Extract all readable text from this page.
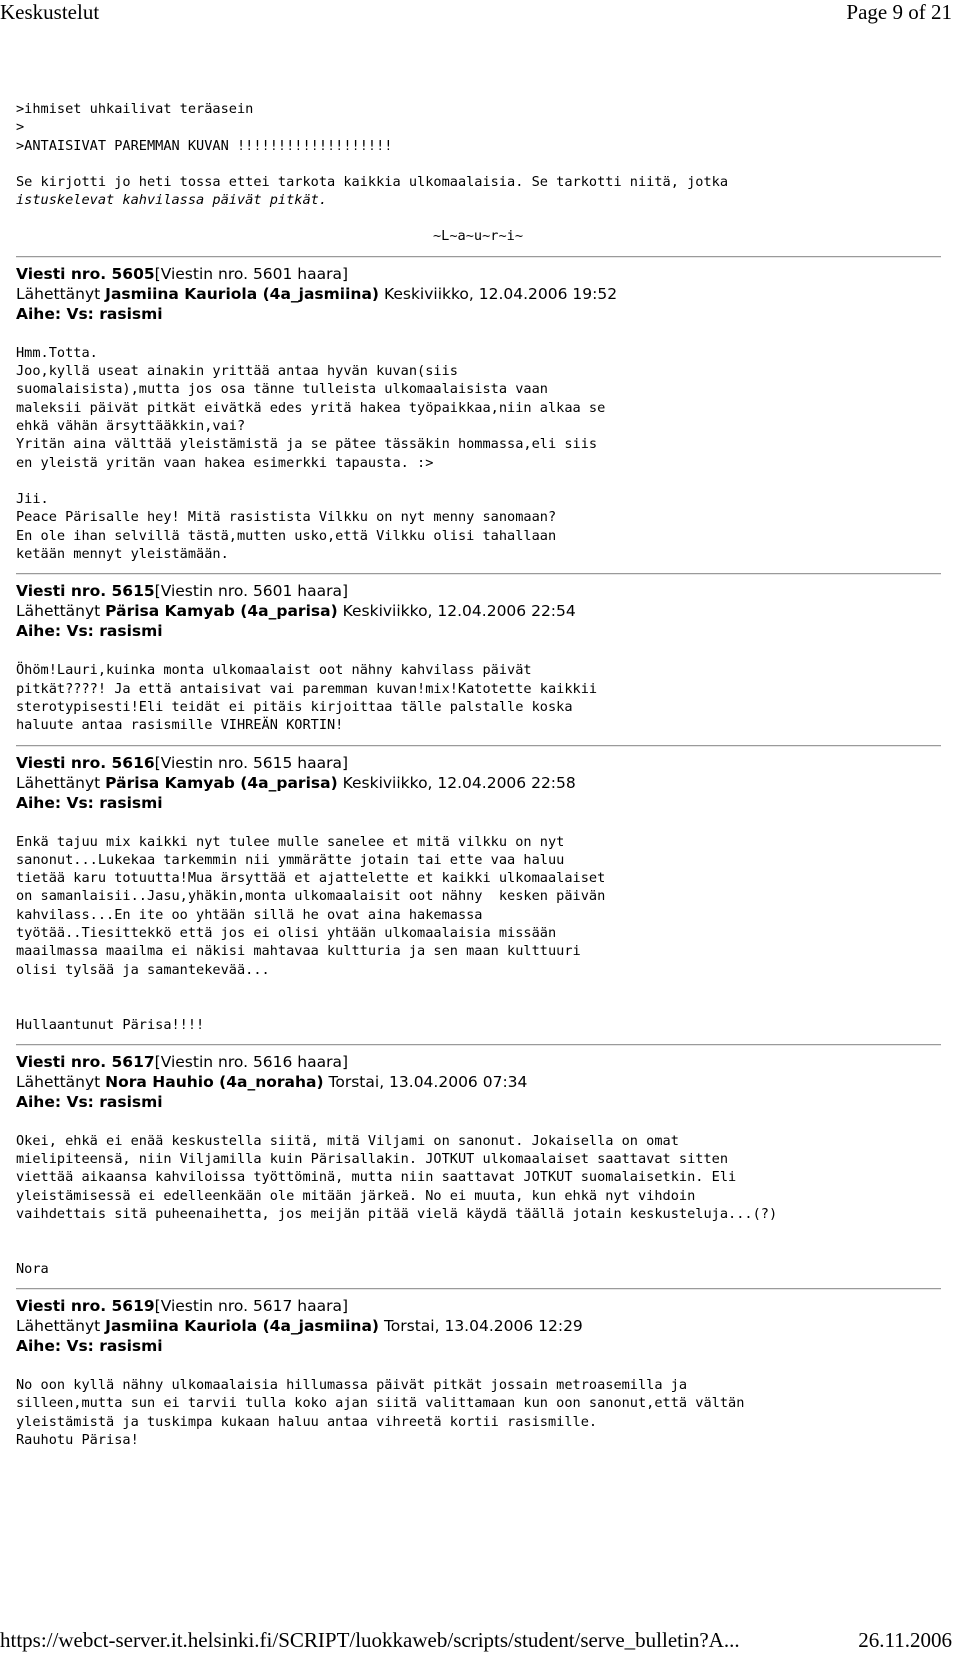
Keskustelut	Page 9 of 21
>ihmiset uhkailivat teräasein
>
>ANTAISIVAT PAREMMAN KUVAN !!!!!!!!!!!!!!!!!!!
Se kirjotti jo heti tossa ettei tarkota kaikkia ulkomaalaisia. Se tarkotti niitä, jotka
istuskelevat kahvilassa päivät pitkät.
~L~a~u~r~i~
Viesti nro. 5605[Viestin nro. 5601 haara]
Lähettänyt Jasmiina Kauriola (4a_jasmiina) Keskiviikko, 12.04.2006 19:52
Aihe: Vs: rasismi
Hmm.Totta.
Joo,kyllä useat ainakin yrittää antaa hyvän kuvan(siis
suomalaisista),mutta jos osa tänne tulleista ulkomaalaisista vaan
maleksii päivät pitkät eivätkä edes yritä hakea työpaikkaa,niin alkaa se
ehkä vähän ärsyttääkkin,vai?
Yritän aina välttää yleistämistä ja se pätee tässäkin hommassa,eli siis
en yleistä yritän vaan hakea esimerkki tapausta. :>

Jii.
Peace Pärisalle hey! Mitä rasististа Vilkku on nyt menny sanomaan?
En ole ihan selvillä tästä,mutten usko,että Vilkku olisi tahallaan
ketään mennyt yleistämään.
Viesti nro. 5615[Viestin nro. 5601 haara]
Lähettänyt Pärisa Kamyab (4a_parisa) Keskiviikko, 12.04.2006 22:54
Aihe: Vs: rasismi
Öhöm!Lauri,kuinka monta ulkomaalaist oot nähny kahvilass päivät
pitkät????! Ja että antaisivat vai paremman kuvan!mix!Katotette kaikkii
sterotypisesti!Eli teidät ei pitäis kirjoittaa tälle palstalle koska
haluute antaa rasismille VIHREÄN KORTIN!
Viesti nro. 5616[Viestin nro. 5615 haara]
Lähettänyt Pärisa Kamyab (4a_parisa) Keskiviikko, 12.04.2006 22:58
Aihe: Vs: rasismi
Enkä tajuu mix kaikki nyt tulee mulle sanelee et mitä vilkku on nyt
sanonut...Lukekaa tarkemmin nii ymmärätte jotain tai ette vaa haluu
tietää karu totuutta!Mua ärsyttää et ajattelette et kaikki ulkomaalaiset
on samanlaisii..Jasu,yhäkin,monta ulkomaalaisit oot nähny  kesken päivän
kahvilass...En ite oo yhtään sillä he ovat aina hakemassa
työtää..Tiesittekkö että jos ei olisi yhtään ulkomaalaisia missään
maailmassa maailma ei näkisi mahtavaa kultturia ja sen maan kulttuuri
olisi tylsää ja samantekevää...

Hullaantunut Pärisa!!!!
Viesti nro. 5617[Viestin nro. 5616 haara]
Lähettänyt Nora Hauhio (4a_noraha) Torstai, 13.04.2006 07:34
Aihe: Vs: rasismi
Okei, ehkä ei enää keskustella siitä, mitä Viljami on sanonut. Jokaisella on omat
mielipiteensä, niin Viljamilla kuin Pärisallakin. JOTKUT ulkomaalaiset saattavat sitten
viettää aikaansa kahviloissa työttöminä, mutta niin saattavat JOTKUT suomalaisetkin. Eli
yleistämisessä ei edelleenkään ole mitään järkeä. No ei muuta, kun ehkä nyt vihdoin
vaihdettais sitä puheenaihetta, jos meijän pitää vielä käydä täällä jotain keskusteluja...(?)

Nora
Viesti nro. 5619[Viestin nro. 5617 haara]
Lähettänyt Jasmiina Kauriola (4a_jasmiina) Torstai, 13.04.2006 12:29
Aihe: Vs: rasismi
No oon kyllä nähny ulkomaalaisia hillumassa päivät pitkät jossain metroasemilla ja
silleen,mutta sun ei tarvii tulla koko ajan siitä valittamaan kun oon sanonut,että vältän
yleistämistä ja tuskimpa kukaan haluu antaa vihreetä kortii rasismille.
Rauhotu Pärisa!
https://webct-server.it.helsinki.fi/SCRIPT/luokkaweb/scripts/student/serve_bulletin?A...	26.11.2006
